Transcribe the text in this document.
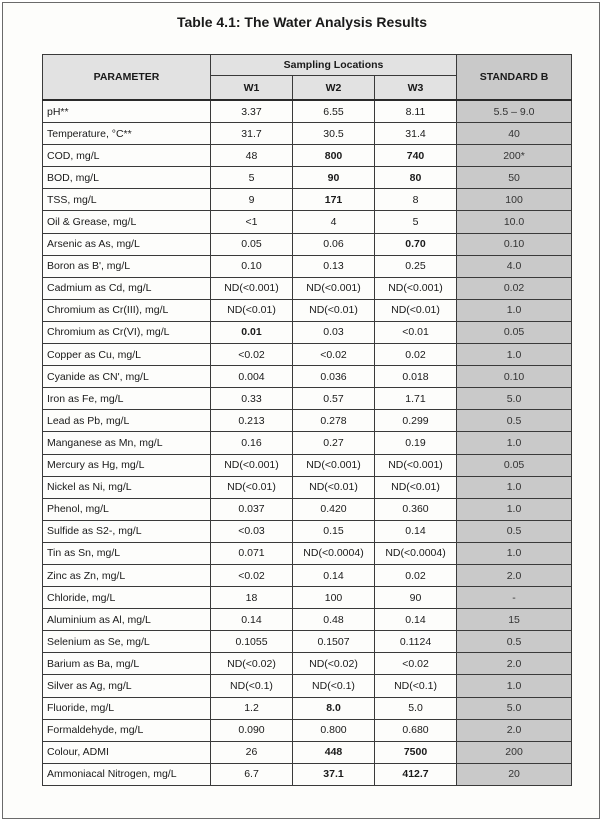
Table 4.1: The Water Analysis Results
PARAMETER	Sampling Locations			STANDARD B
	W1	W2	W3	
pH**	3.37	6.55	8.11	5.5 – 9.0
Temperature, °C**	31.7	30.5	31.4	40
COD, mg/L	48	800	740	200*
BOD, mg/L	5	90	80	50
TSS, mg/L	9	171	8	100
Oil & Grease, mg/L	<1	4	5	10.0
Arsenic as As, mg/L	0.05	0.06	0.70	0.10
Boron as B', mg/L	0.10	0.13	0.25	4.0
Cadmium as Cd, mg/L	ND(<0.001)	ND(<0.001)	ND(<0.001)	0.02
Chromium as Cr(III), mg/L	ND(<0.01)	ND(<0.01)	ND(<0.01)	1.0
Chromium as Cr(VI), mg/L	0.01	0.03	<0.01	0.05
Copper as Cu, mg/L	<0.02	<0.02	0.02	1.0
Cyanide as CN', mg/L	0.004	0.036	0.018	0.10
Iron as Fe, mg/L	0.33	0.57	1.71	5.0
Lead as Pb, mg/L	0.213	0.278	0.299	0.5
Manganese as Mn, mg/L	0.16	0.27	0.19	1.0
Mercury as Hg, mg/L	ND(<0.001)	ND(<0.001)	ND(<0.001)	0.05
Nickel as Ni, mg/L	ND(<0.01)	ND(<0.01)	ND(<0.01)	1.0
Phenol, mg/L	0.037	0.420	0.360	1.0
Sulfide as S2-, mg/L	<0.03	0.15	0.14	0.5
Tin as Sn, mg/L	0.071	ND(<0.0004)	ND(<0.0004)	1.0
Zinc as Zn, mg/L	<0.02	0.14	0.02	2.0
Chloride, mg/L	18	100	90	-
Aluminium as Al, mg/L	0.14	0.48	0.14	15
Selenium as Se, mg/L	0.1055	0.1507	0.1124	0.5
Barium as Ba, mg/L	ND(<0.02)	ND(<0.02)	<0.02	2.0
Silver as Ag, mg/L	ND(<0.1)	ND(<0.1)	ND(<0.1)	1.0
Fluoride, mg/L	1.2	8.0	5.0	5.0
Formaldehyde, mg/L	0.090	0.800	0.680	2.0
Colour, ADMI	26	448	7500	200
Ammoniacal Nitrogen, mg/L	6.7	37.1	412.7	20
